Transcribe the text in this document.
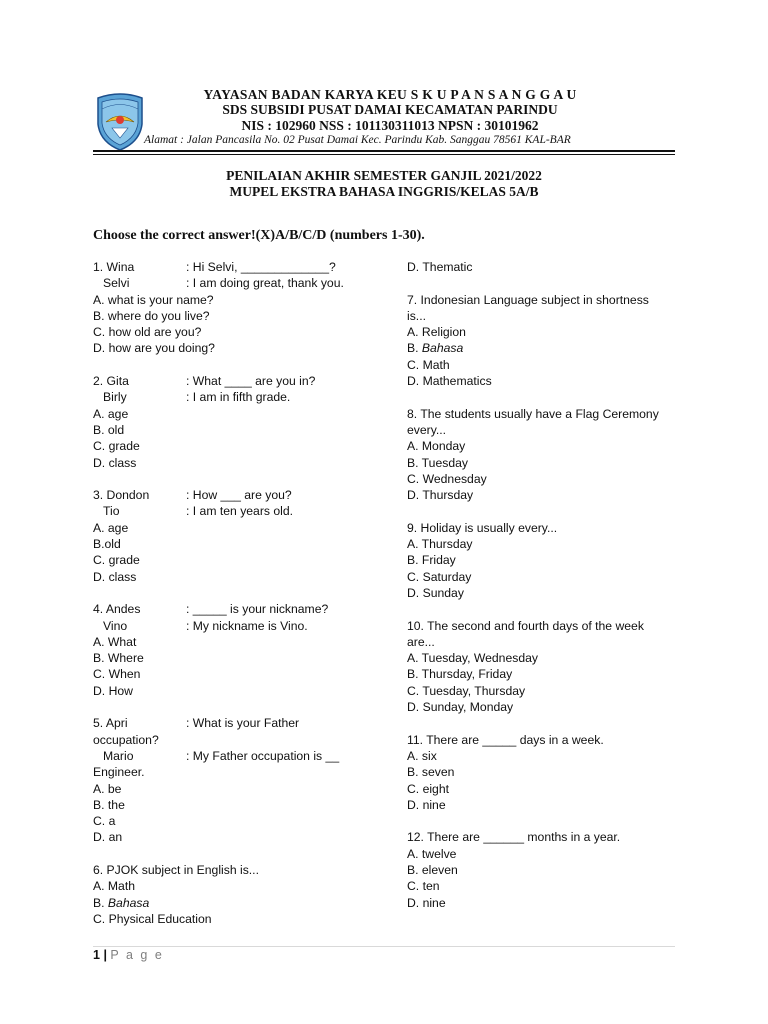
YAYASAN BADAN KARYA KEU S K U P A N S A N G G A U
SDS SUBSIDI PUSAT DAMAI KECAMATAN PARINDU
NIS : 102960 NSS : 101130311013 NPSN : 30101962
Alamat : Jalan Pancasila No. 02 Pusat Damai Kec. Parindu Kab. Sanggau 78561 KAL-BAR
PENILAIAN AKHIR SEMESTER GANJIL 2021/2022
MUPEL EKSTRA BAHASA INGGRIS/KELAS 5A/B
Choose the correct answer!(X)A/B/C/D (numbers 1-30).
1. Wina	: Hi Selvi, _____________?
Selvi	: I am doing great, thank you.
A. what is your name?
B. where do you live?
C. how old are you?
D. how are you doing?
2. Gita	: What ____ are you in?
Birly	: I am in fifth grade.
A. age
B. old
C. grade
D. class
3. Dondon	: How ___ are you?
Tio	: I am ten years old.
A. age
B.old
C. grade
D. class
4. Andes	: _____ is your nickname?
Vino	: My nickname is Vino.
A. What
B. Where
C. When
D. How
5. Apri	: What is your Father
occupation?
Mario	: My Father occupation is __
Engineer.
A. be
B. the
C. a
D. an
6. PJOK subject in English is...
A. Math
B. Bahasa
C. Physical Education
D. Thematic
7. Indonesian Language subject in shortness
is...
A. Religion
B. Bahasa
C. Math
D. Mathematics
8. The students usually have a Flag Ceremony
every...
A. Monday
B. Tuesday
C. Wednesday
D. Thursday
9. Holiday is usually every...
A. Thursday
B. Friday
C. Saturday
D. Sunday
10. The second and fourth days of the week
are...
A. Tuesday, Wednesday
B. Thursday, Friday
C. Tuesday, Thursday
D. Sunday, Monday
11. There are _____ days in a week.
A. six
B. seven
C. eight
D. nine
12. There are ______ months in a year.
A. twelve
B. eleven
C. ten
D. nine
1 | P a g e
